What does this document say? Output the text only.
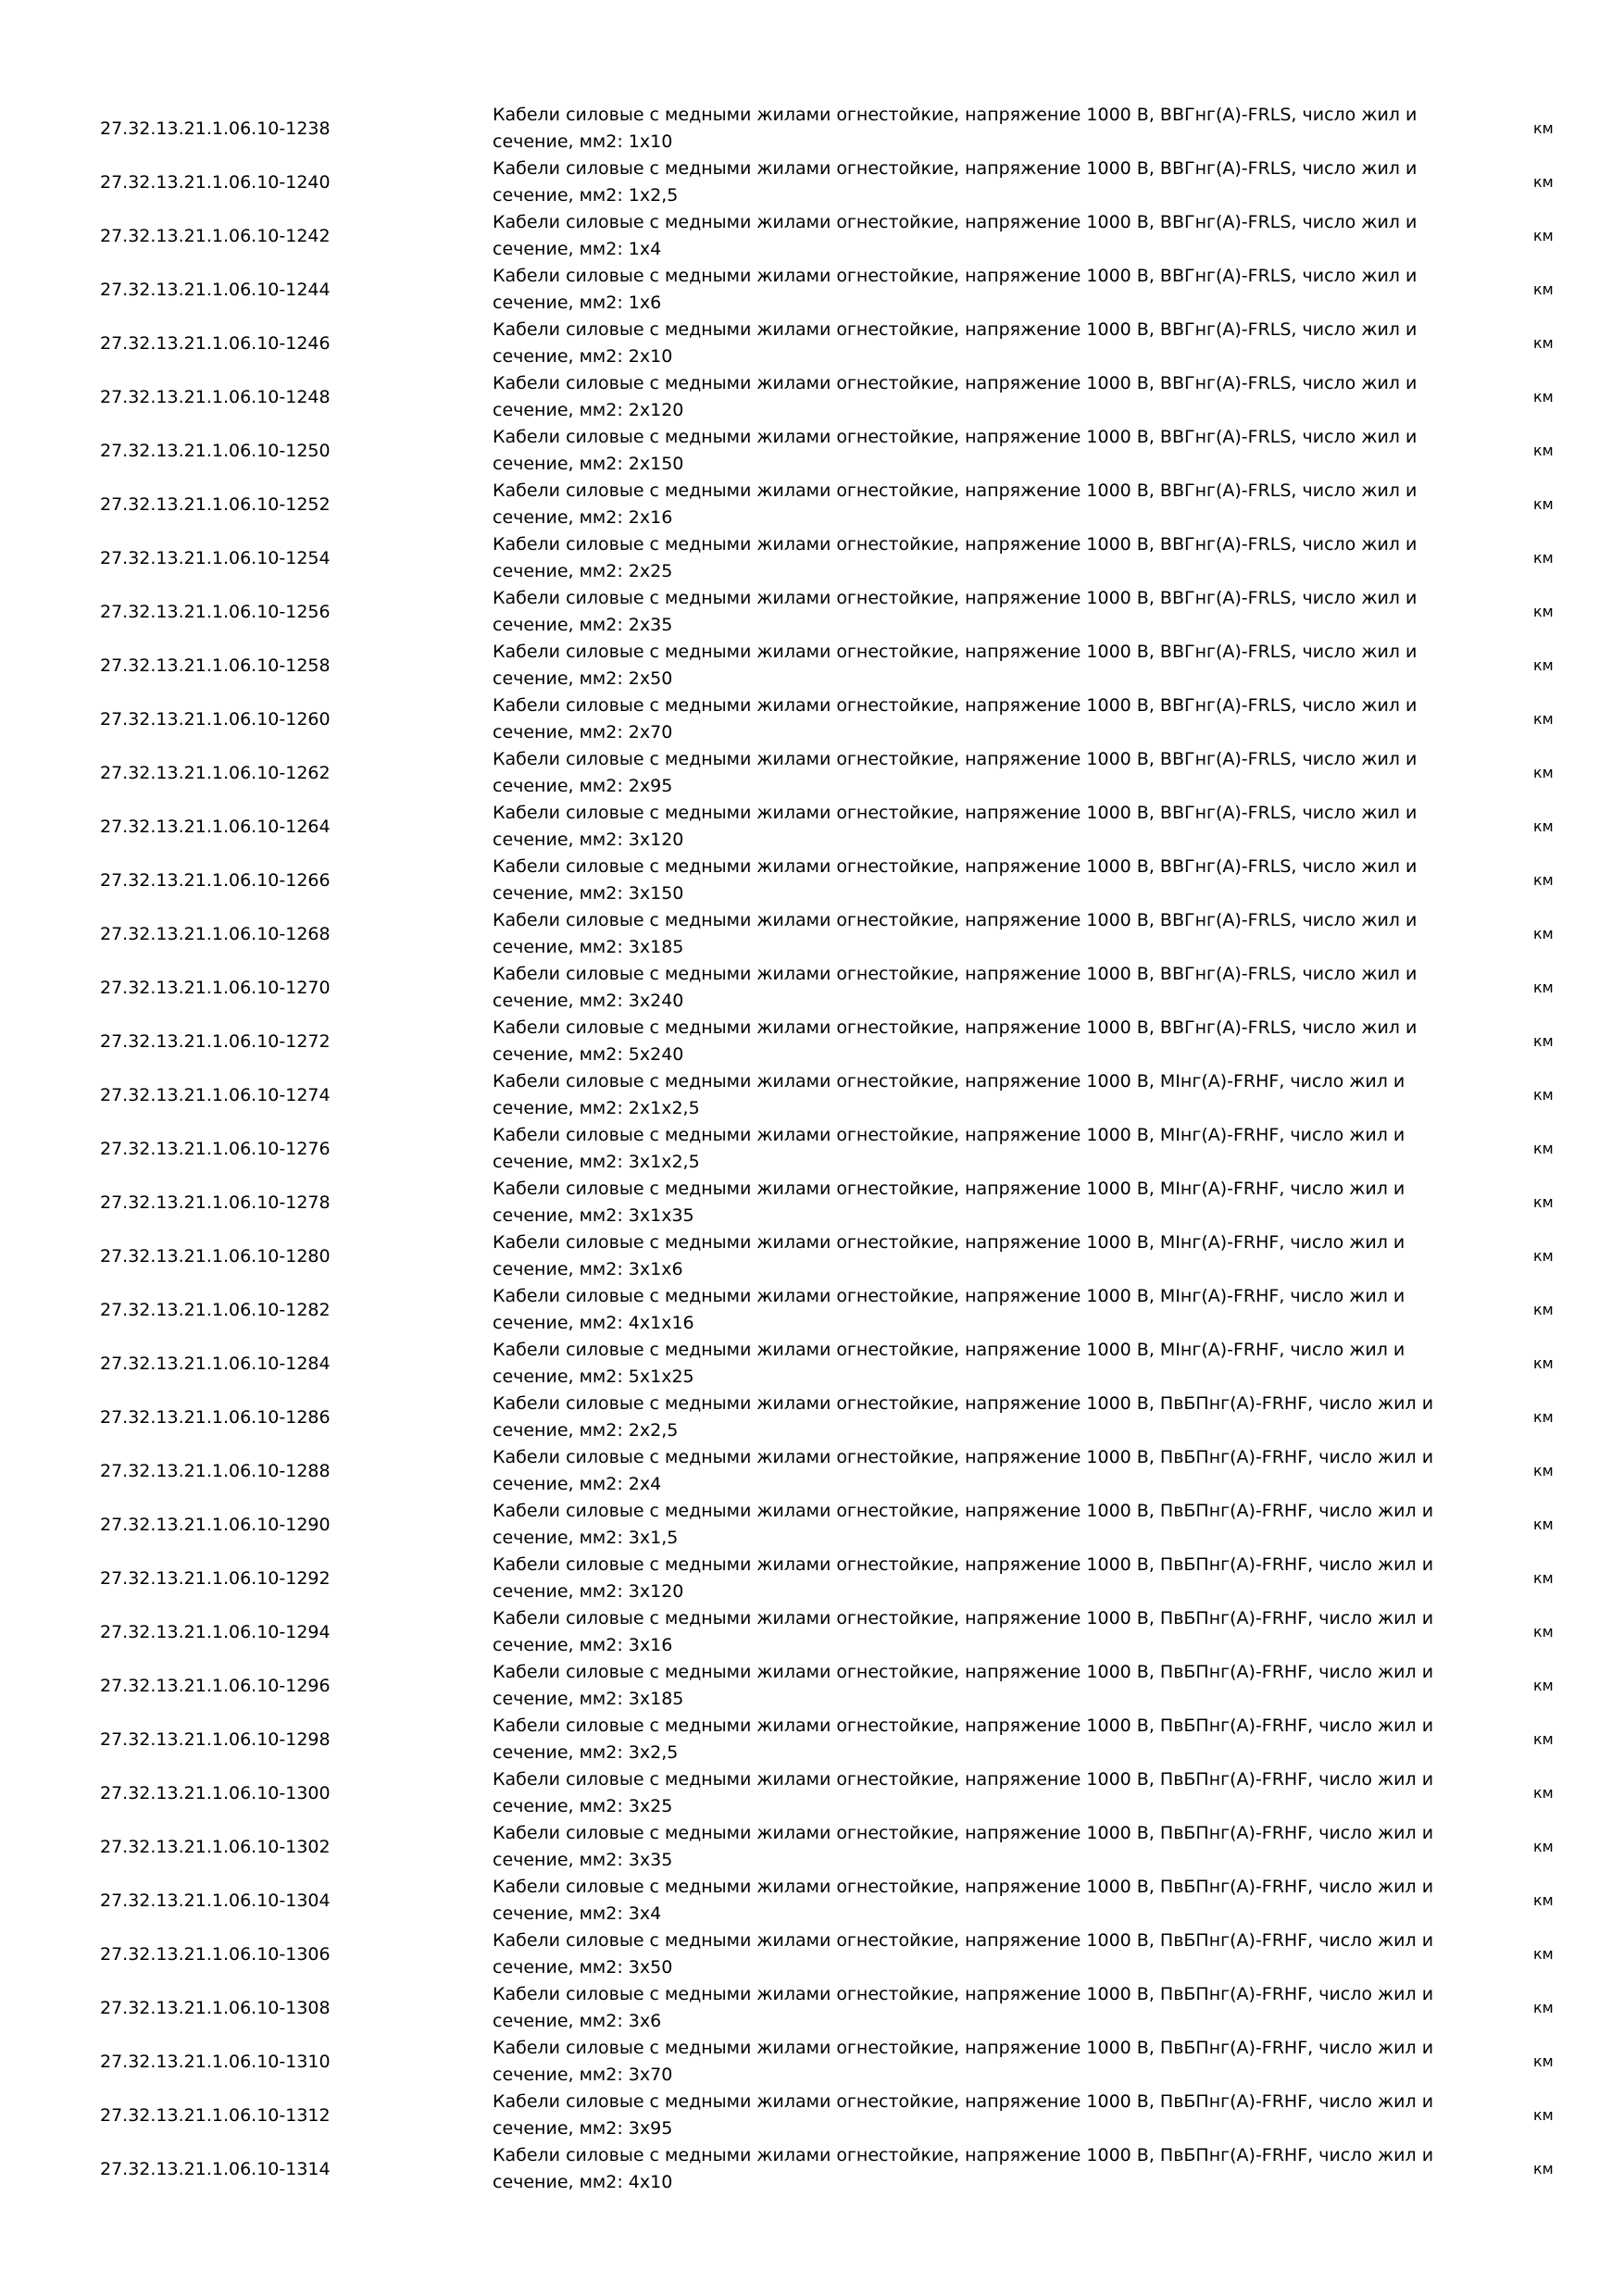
27.32.13.21.1.06.10-1238
Кабели силовые с медными жилами огнестойкие, напряжение 1000 В, ВВГнг(А)-FRLS, число жил и
сечение, мм2: 1x10
км
27.32.13.21.1.06.10-1240
Кабели силовые с медными жилами огнестойкие, напряжение 1000 В, ВВГнг(А)-FRLS, число жил и
сечение, мм2: 1x2,5
км
27.32.13.21.1.06.10-1242
Кабели силовые с медными жилами огнестойкие, напряжение 1000 В, ВВГнг(А)-FRLS, число жил и
сечение, мм2: 1x4
км
27.32.13.21.1.06.10-1244
Кабели силовые с медными жилами огнестойкие, напряжение 1000 В, ВВГнг(А)-FRLS, число жил и
сечение, мм2: 1x6
км
27.32.13.21.1.06.10-1246
Кабели силовые с медными жилами огнестойкие, напряжение 1000 В, ВВГнг(А)-FRLS, число жил и
сечение, мм2: 2x10
км
27.32.13.21.1.06.10-1248
Кабели силовые с медными жилами огнестойкие, напряжение 1000 В, ВВГнг(А)-FRLS, число жил и
сечение, мм2: 2x120
км
27.32.13.21.1.06.10-1250
Кабели силовые с медными жилами огнестойкие, напряжение 1000 В, ВВГнг(А)-FRLS, число жил и
сечение, мм2: 2x150
км
27.32.13.21.1.06.10-1252
Кабели силовые с медными жилами огнестойкие, напряжение 1000 В, ВВГнг(А)-FRLS, число жил и
сечение, мм2: 2x16
км
27.32.13.21.1.06.10-1254
Кабели силовые с медными жилами огнестойкие, напряжение 1000 В, ВВГнг(А)-FRLS, число жил и
сечение, мм2: 2x25
км
27.32.13.21.1.06.10-1256
Кабели силовые с медными жилами огнестойкие, напряжение 1000 В, ВВГнг(А)-FRLS, число жил и
сечение, мм2: 2x35
км
27.32.13.21.1.06.10-1258
Кабели силовые с медными жилами огнестойкие, напряжение 1000 В, ВВГнг(А)-FRLS, число жил и
сечение, мм2: 2x50
км
27.32.13.21.1.06.10-1260
Кабели силовые с медными жилами огнестойкие, напряжение 1000 В, ВВГнг(А)-FRLS, число жил и
сечение, мм2: 2x70
км
27.32.13.21.1.06.10-1262
Кабели силовые с медными жилами огнестойкие, напряжение 1000 В, ВВГнг(А)-FRLS, число жил и
сечение, мм2: 2x95
км
27.32.13.21.1.06.10-1264
Кабели силовые с медными жилами огнестойкие, напряжение 1000 В, ВВГнг(А)-FRLS, число жил и
сечение, мм2: 3x120
км
27.32.13.21.1.06.10-1266
Кабели силовые с медными жилами огнестойкие, напряжение 1000 В, ВВГнг(А)-FRLS, число жил и
сечение, мм2: 3x150
км
27.32.13.21.1.06.10-1268
Кабели силовые с медными жилами огнестойкие, напряжение 1000 В, ВВГнг(А)-FRLS, число жил и
сечение, мм2: 3x185
км
27.32.13.21.1.06.10-1270
Кабели силовые с медными жилами огнестойкие, напряжение 1000 В, ВВГнг(А)-FRLS, число жил и
сечение, мм2: 3x240
км
27.32.13.21.1.06.10-1272
Кабели силовые с медными жилами огнестойкие, напряжение 1000 В, ВВГнг(А)-FRLS, число жил и
сечение, мм2: 5x240
км
27.32.13.21.1.06.10-1274
Кабели силовые с медными жилами огнестойкие, напряжение 1000 В, МIнг(А)-FRHF, число жил и
сечение, мм2: 2x1x2,5
км
27.32.13.21.1.06.10-1276
Кабели силовые с медными жилами огнестойкие, напряжение 1000 В, МIнг(А)-FRHF, число жил и
сечение, мм2: 3x1x2,5
км
27.32.13.21.1.06.10-1278
Кабели силовые с медными жилами огнестойкие, напряжение 1000 В, МIнг(А)-FRHF, число жил и
сечение, мм2: 3x1x35
км
27.32.13.21.1.06.10-1280
Кабели силовые с медными жилами огнестойкие, напряжение 1000 В, МIнг(А)-FRHF, число жил и
сечение, мм2: 3x1x6
км
27.32.13.21.1.06.10-1282
Кабели силовые с медными жилами огнестойкие, напряжение 1000 В, МIнг(А)-FRHF, число жил и
сечение, мм2: 4x1x16
км
27.32.13.21.1.06.10-1284
Кабели силовые с медными жилами огнестойкие, напряжение 1000 В, МIнг(А)-FRHF, число жил и
сечение, мм2: 5x1x25
км
27.32.13.21.1.06.10-1286
Кабели силовые с медными жилами огнестойкие, напряжение 1000 В, ПвБПнг(А)-FRHF, число жил и
сечение, мм2: 2x2,5
км
27.32.13.21.1.06.10-1288
Кабели силовые с медными жилами огнестойкие, напряжение 1000 В, ПвБПнг(А)-FRHF, число жил и
сечение, мм2: 2x4
км
27.32.13.21.1.06.10-1290
Кабели силовые с медными жилами огнестойкие, напряжение 1000 В, ПвБПнг(А)-FRHF, число жил и
сечение, мм2: 3x1,5
км
27.32.13.21.1.06.10-1292
Кабели силовые с медными жилами огнестойкие, напряжение 1000 В, ПвБПнг(А)-FRHF, число жил и
сечение, мм2: 3x120
км
27.32.13.21.1.06.10-1294
Кабели силовые с медными жилами огнестойкие, напряжение 1000 В, ПвБПнг(А)-FRHF, число жил и
сечение, мм2: 3x16
км
27.32.13.21.1.06.10-1296
Кабели силовые с медными жилами огнестойкие, напряжение 1000 В, ПвБПнг(А)-FRHF, число жил и
сечение, мм2: 3x185
км
27.32.13.21.1.06.10-1298
Кабели силовые с медными жилами огнестойкие, напряжение 1000 В, ПвБПнг(А)-FRHF, число жил и
сечение, мм2: 3x2,5
км
27.32.13.21.1.06.10-1300
Кабели силовые с медными жилами огнестойкие, напряжение 1000 В, ПвБПнг(А)-FRHF, число жил и
сечение, мм2: 3x25
км
27.32.13.21.1.06.10-1302
Кабели силовые с медными жилами огнестойкие, напряжение 1000 В, ПвБПнг(А)-FRHF, число жил и
сечение, мм2: 3x35
км
27.32.13.21.1.06.10-1304
Кабели силовые с медными жилами огнестойкие, напряжение 1000 В, ПвБПнг(А)-FRHF, число жил и
сечение, мм2: 3x4
км
27.32.13.21.1.06.10-1306
Кабели силовые с медными жилами огнестойкие, напряжение 1000 В, ПвБПнг(А)-FRHF, число жил и
сечение, мм2: 3x50
км
27.32.13.21.1.06.10-1308
Кабели силовые с медными жилами огнестойкие, напряжение 1000 В, ПвБПнг(А)-FRHF, число жил и
сечение, мм2: 3x6
км
27.32.13.21.1.06.10-1310
Кабели силовые с медными жилами огнестойкие, напряжение 1000 В, ПвБПнг(А)-FRHF, число жил и
сечение, мм2: 3x70
км
27.32.13.21.1.06.10-1312
Кабели силовые с медными жилами огнестойкие, напряжение 1000 В, ПвБПнг(А)-FRHF, число жил и
сечение, мм2: 3x95
км
27.32.13.21.1.06.10-1314
Кабели силовые с медными жилами огнестойкие, напряжение 1000 В, ПвБПнг(А)-FRHF, число жил и
сечение, мм2: 4x10
км
